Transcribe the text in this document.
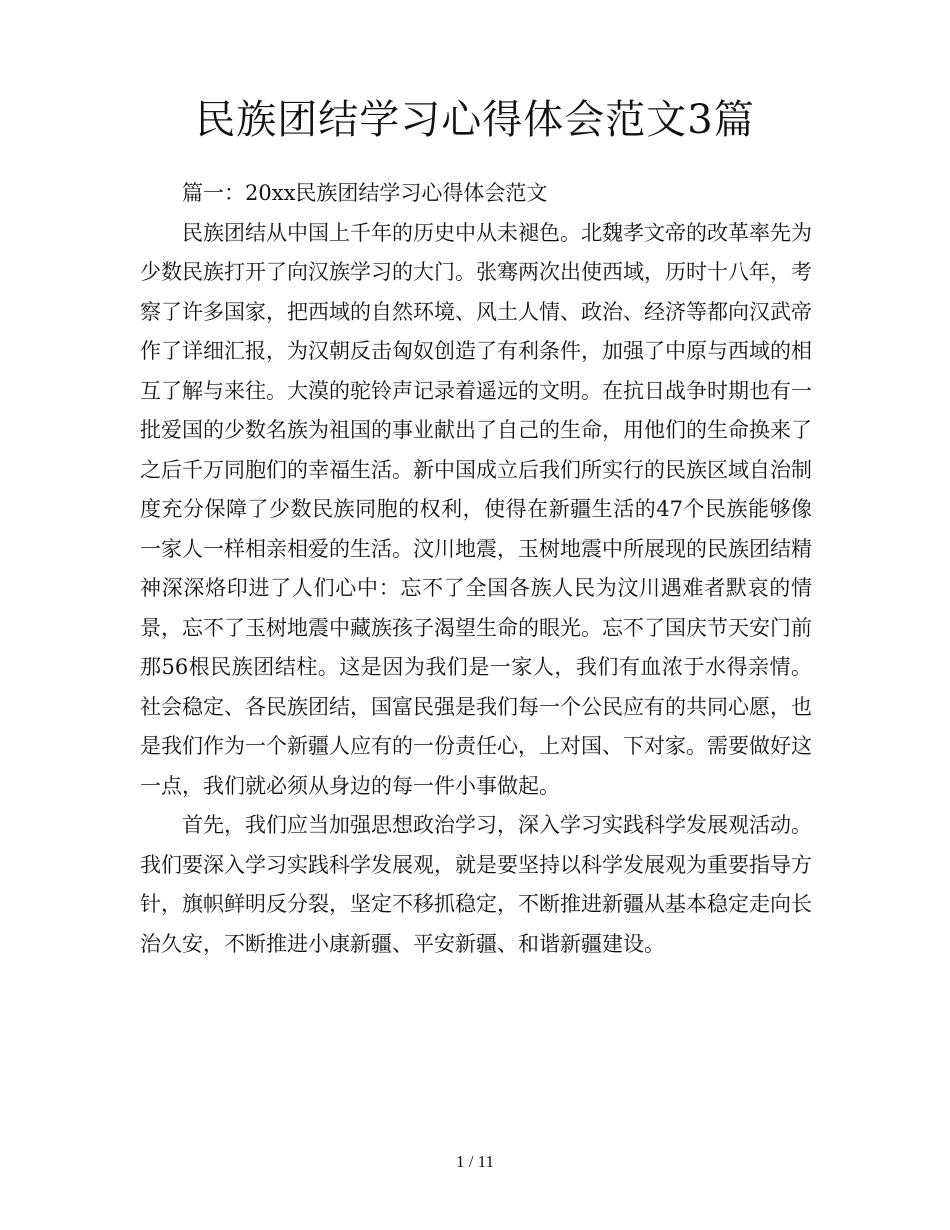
民族团结学习心得体会范文3篇

篇一：20xx民族团结学习心得体会范文

民族团结从中国上千年的历史中从未褪色。北魏孝文帝的改革率先为少数民族打开了向汉族学习的大门。张骞两次出使西域，历时十八年，考察了许多国家，把西域的自然环境、风土人情、政治、经济等都向汉武帝作了详细汇报，为汉朝反击匈奴创造了有利条件，加强了中原与西域的相互了解与来往。大漠的驼铃声记录着遥远的文明。在抗日战争时期也有一批爱国的少数名族为祖国的事业献出了自己的生命，用他们的生命换来了之后千万同胞们的幸福生活。新中国成立后我们所实行的民族区域自治制度充分保障了少数民族同胞的权利，使得在新疆生活的47个民族能够像一家人一样相亲相爱的生活。汶川地震，玉树地震中所展现的民族团结精神深深烙印进了人们心中：忘不了全国各族人民为汶川遇难者默哀的情景，忘不了玉树地震中藏族孩子渴望生命的眼光。忘不了国庆节天安门前那56根民族团结柱。这是因为我们是一家人，我们有血浓于水得亲情。社会稳定、各民族团结，国富民强是我们每一个公民应有的共同心愿，也是我们作为一个新疆人应有的一份责任心，上对国、下对家。需要做好这一点，我们就必须从身边的每一件小事做起。

首先，我们应当加强思想政治学习，深入学习实践科学发展观活动。我们要深入学习实践科学发展观，就是要坚持以科学发展观为重要指导方针，旗帜鲜明反分裂，坚定不移抓稳定，不断推进新疆从基本稳定走向长治久安，不断推进小康新疆、平安新疆、和谐新疆建设。

1 / 11
